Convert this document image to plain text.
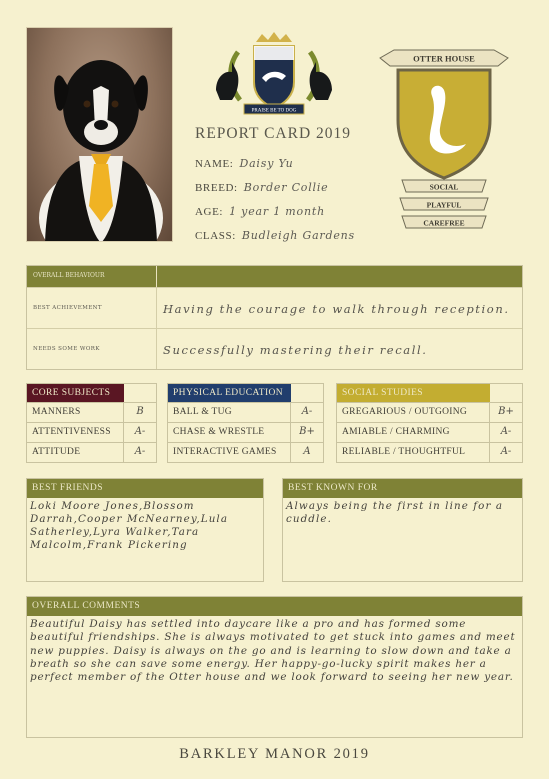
PRAISE BE TO DOG
OTTER HOUSE
SOCIAL
PLAYFUL
CAREFREE
REPORT CARD 2019
NAME: Daisy Yu
BREED: Border Collie
AGE: 1 year 1 month
CLASS: Budleigh Gardens
OVERALL BEHAVIOUR
BEST ACHIEVEMENT	Having the courage to walk through reception.
NEEDS SOME WORK	Successfully mastering their recall.
CORE SUBJECTS
MANNERS	B
ATTENTIVENESS	A-
ATTITUDE	A-
PHYSICAL EDUCATION
BALL & TUG	A-
CHASE & WRESTLE	B+
INTERACTIVE GAMES	A
SOCIAL STUDIES
GREGARIOUS / OUTGOING	B+
AMIABLE / CHARMING	A-
RELIABLE / THOUGHTFUL	A-
BEST FRIENDS
Loki Moore Jones,Blossom Darrah,Cooper McNearney,Lula Satherley,Lyra Walker,Tara Malcolm,Frank Pickering
BEST KNOWN FOR
Always being the first in line for a cuddle.
OVERALL COMMENTS
Beautiful Daisy has settled into daycare like a pro and has formed some beautiful friendships. She is always motivated to get stuck into games and meet new puppies. Daisy is always on the go and is learning to slow down and take a breath so she can save some energy. Her happy-go-lucky spirit makes her a perfect member of the Otter house and we look forward to seeing her new year.
BARKLEY MANOR 2019
